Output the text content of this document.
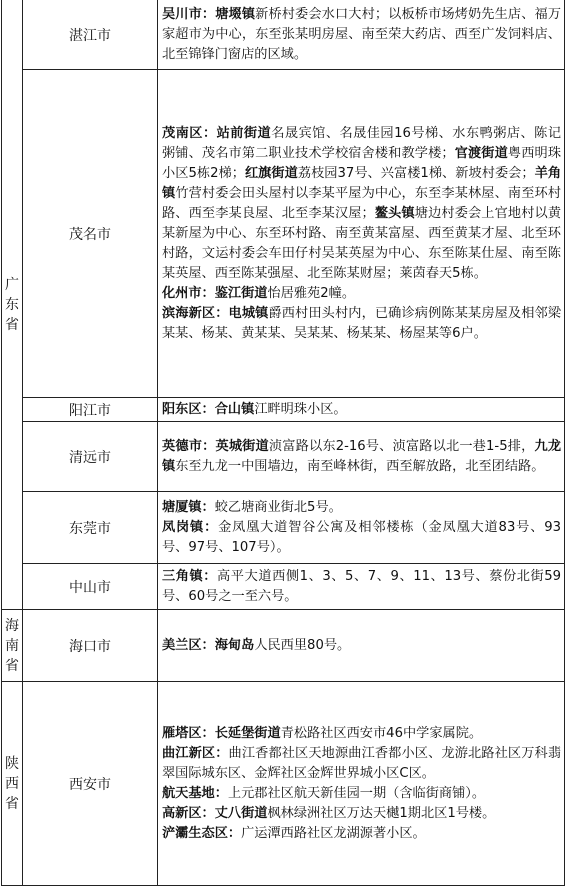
广东省	湛江市	吴川市：塘㙍镇新桥村委会水口大村；以板桥市场烤奶先生店、福万家超市为中心，东至张某明房屋、南至荣大药店、西至广发饲料店、北至锦锋门窗店的区域。

	茂名市	茂南区：站前街道名晟宾馆、名晟佳园16号梯、水东鸭粥店、陈记粥铺、茂名市第二职业技术学校宿舍楼和教学楼；官渡街道粤西明珠小区5栋2梯；红旗街道荔枝园37号、兴富楼1梯、新坡村委会；羊角镇竹营村委会田头屋村以李某平屋为中心，东至李某林屋、南至环村路、西至李某良屋、北至李某汉屋；鳌头镇塘边村委会上官地村以黄某新屋为中心、东至环村路、南至黄某富屋、西至黄某才屋、北至环村路，文运村委会车田仔村吴某英屋为中心、东至陈某仕屋、南至陈某英屋、西至陈某强屋、北至陈某财屋；莱茵春天5栋。
化州市：鉴江街道怡居雅苑2幢。
滨海新区：电城镇爵西村田头村内，已确诊病例陈某某房屋及相邻梁某某、杨某、黄某某、吴某某、杨某某、杨屋某等6户。

	阳江市	阳东区：合山镇江畔明珠小区。

	清远市	英德市：英城街道浈富路以东2-16号、浈富路以北一巷1-5排，九龙镇东至九龙一中围墙边，南至峰林街，西至解放路，北至团结路。

	东莞市	塘厦镇：蛟乙塘商业街北5号。
凤岗镇：金凤凰大道智谷公寓及相邻楼栋（金凤凰大道83号、93号、97号、107号）。

	中山市	三角镇：高平大道西侧1、3、5、7、9、11、13号、蔡份北街59号、60号之一至六号。

海南省	海口市	美兰区：海甸岛人民西里80号。

陕西省	西安市	雁塔区：长延堡街道青松路社区西安市46中学家属院。
曲江新区：曲江香都社区天地源曲江香都小区、龙游北路社区万科翡翠国际城东区、金辉社区金辉世界城小区C区。
航天基地：上元郡社区航天新佳园一期（含临街商铺）。
高新区：丈八街道枫林绿洲社区万达天樾1期北区1号楼。
浐灞生态区：广运潭西路社区龙湖源著小区。
